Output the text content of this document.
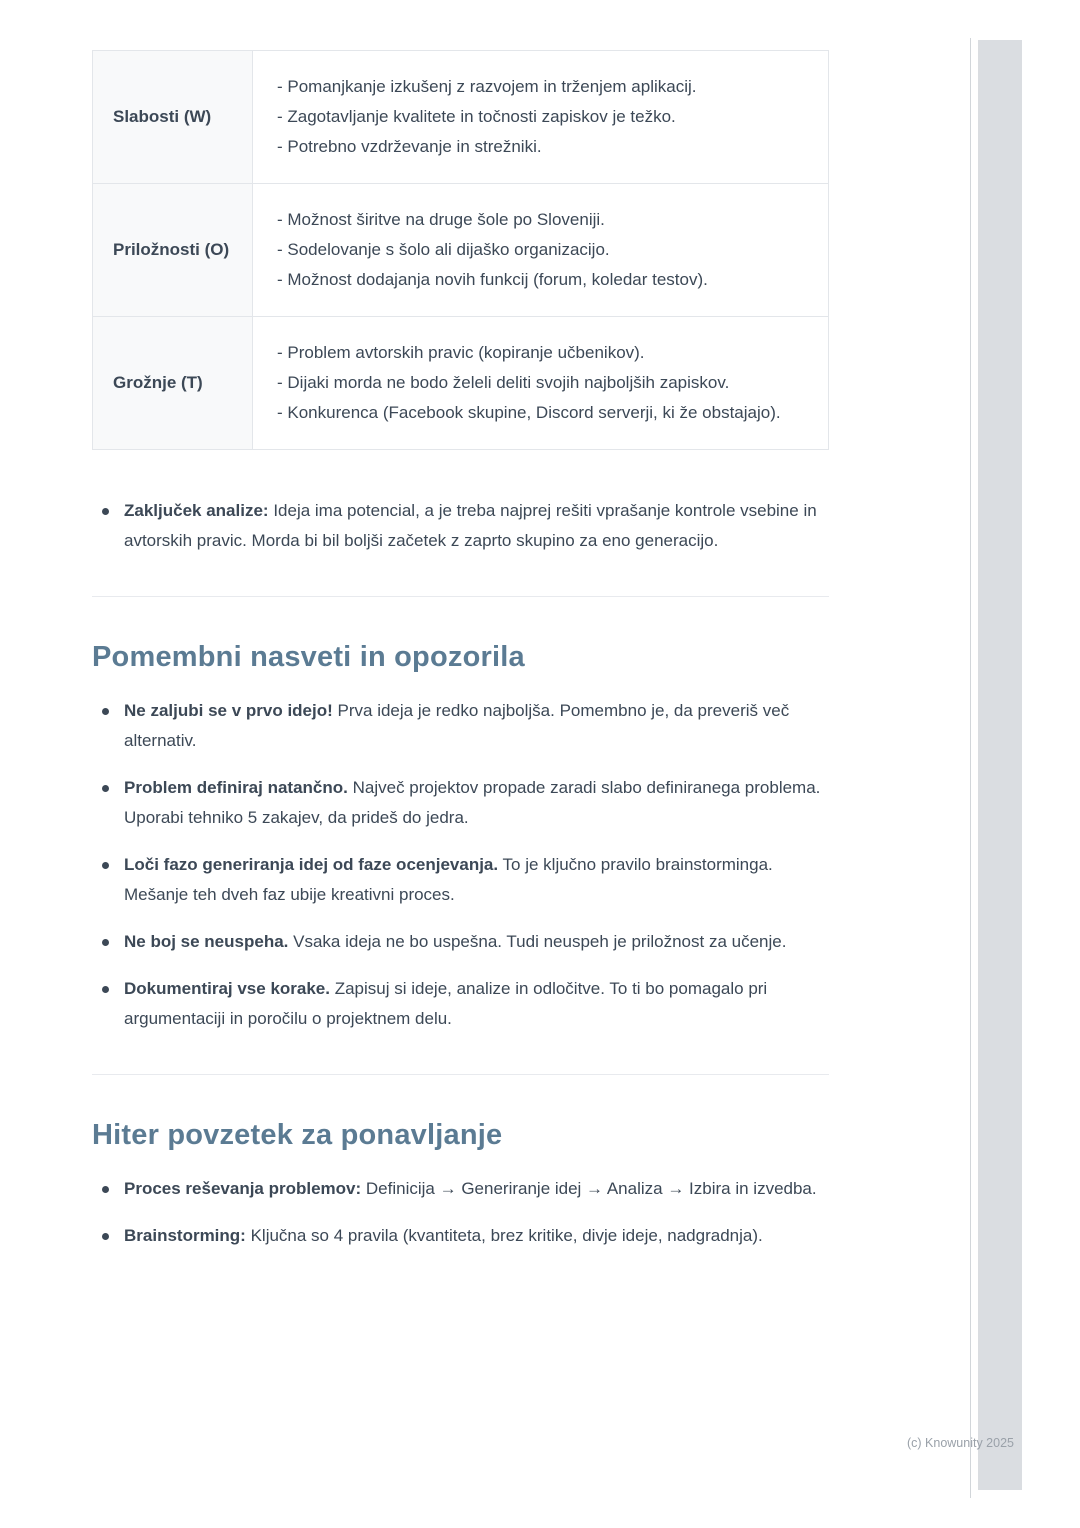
Slabosti (W)	- Pomanjkanje izkušenj z razvojem in trženjem aplikacij.
- Zagotavljanje kvalitete in točnosti zapiskov je težko.
- Potrebno vzdrževanje in strežniki.

Priložnosti (O)	- Možnost širitve na druge šole po Sloveniji.
- Sodelovanje s šolo ali dijaško organizacijo.
- Možnost dodajanja novih funkcij (forum, koledar testov).

Grožnje (T)	- Problem avtorskih pravic (kopiranje učbenikov).
- Dijaki morda ne bodo želeli deliti svojih najboljših zapiskov.
- Konkurenca (Facebook skupine, Discord serverji, ki že obstajajo).
Zaključek analize: Ideja ima potencial, a je treba najprej rešiti vprašanje kontrole vsebine in avtorskih pravic. Morda bi bil boljši začetek z zaprto skupino za eno generacijo.
Pomembni nasveti in opozorila
Ne zaljubi se v prvo idejo! Prva ideja je redko najboljša. Pomembno je, da preveriš več alternativ.
Problem definiraj natančno. Največ projektov propade zaradi slabo definiranega problema. Uporabi tehniko 5 zakajev, da prideš do jedra.
Loči fazo generiranja idej od faze ocenjevanja. To je ključno pravilo brainstorminga. Mešanje teh dveh faz ubije kreativni proces.
Ne boj se neuspeha. Vsaka ideja ne bo uspešna. Tudi neuspeh je priložnost za učenje.
Dokumentiraj vse korake. Zapisuj si ideje, analize in odločitve. To ti bo pomagalo pri argumentaciji in poročilu o projektnem delu.
Hiter povzetek za ponavljanje
Proces reševanja problemov: Definicija → Generiranje idej → Analiza → Izbira in izvedba.
Brainstorming: Ključna so 4 pravila (kvantiteta, brez kritike, divje ideje, nadgradnja).
(c) Knowunity 2025
